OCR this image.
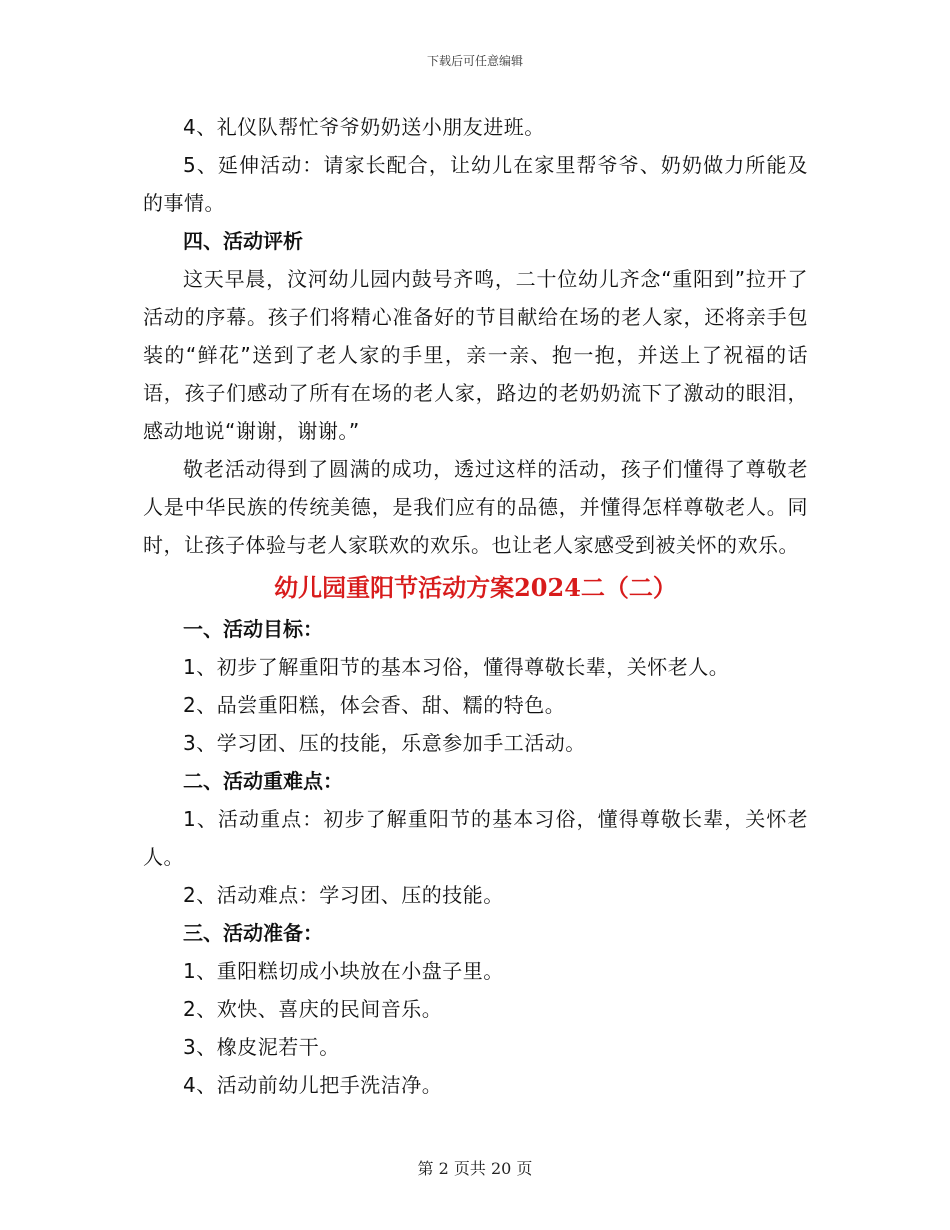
下载后可任意编辑

4、礼仪队帮忙爷爷奶奶送小朋友进班。

5、延伸活动：请家长配合，让幼儿在家里帮爷爷、奶奶做力所能及的事情。

四、活动评析

这天早晨，汶河幼儿园内鼓号齐鸣，二十位幼儿齐念“重阳到”拉开了活动的序幕。孩子们将精心准备好的节目献给在场的老人家，还将亲手包装的“鲜花”送到了老人家的手里，亲一亲、抱一抱，并送上了祝福的话语，孩子们感动了所有在场的老人家，路边的老奶奶流下了激动的眼泪，感动地说“谢谢，谢谢。”

敬老活动得到了圆满的成功，透过这样的活动，孩子们懂得了尊敬老人是中华民族的传统美德，是我们应有的品德，并懂得怎样尊敬老人。同时，让孩子体验与老人家联欢的欢乐。也让老人家感受到被关怀的欢乐。

幼儿园重阳节活动方案2024二（二）

一、活动目标：

1、初步了解重阳节的基本习俗，懂得尊敬长辈，关怀老人。

2、品尝重阳糕，体会香、甜、糯的特色。

3、学习团、压的技能，乐意参加手工活动。

二、活动重难点：

1、活动重点：初步了解重阳节的基本习俗，懂得尊敬长辈，关怀老人。

2、活动难点：学习团、压的技能。

三、活动准备：

1、重阳糕切成小块放在小盘子里。

2、欢快、喜庆的民间音乐。

3、橡皮泥若干。

4、活动前幼儿把手洗洁净。

第 2 页共 20 页
